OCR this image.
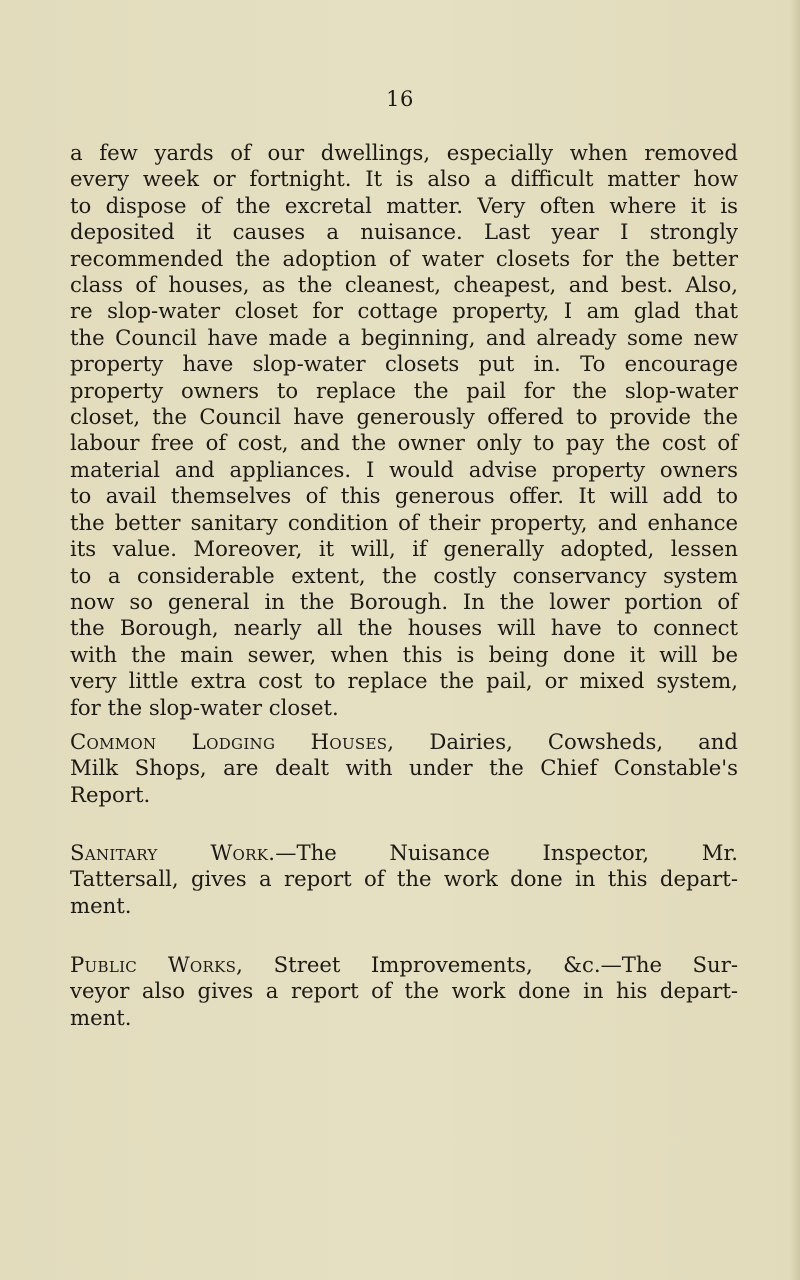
16
a few yards of our dwellings, especially when removed
every week or fortnight. It is also a difficult matter how
to dispose of the excretal matter. Very often where it is
deposited it causes a nuisance. Last year I strongly
recommended the adoption of water closets for the better
class of houses, as the cleanest, cheapest, and best. Also,
re slop-water closet for cottage property, I am glad that
the Council have made a beginning, and already some new
property have slop-water closets put in. To encourage
property owners to replace the pail for the slop-water
closet, the Council have generously offered to provide the
labour free of cost, and the owner only to pay the cost of
material and appliances. I would advise property owners
to avail themselves of this generous offer. It will add to
the better sanitary condition of their property, and enhance
its value. Moreover, it will, if generally adopted, lessen
to a considerable extent, the costly conservancy system
now so general in the Borough. In the lower portion of
the Borough, nearly all the houses will have to connect
with the main sewer, when this is being done it will be
very little extra cost to replace the pail, or mixed system,
for the slop-water closet.
Common Lodging Houses, Dairies, Cowsheds, and
Milk Shops, are dealt with under the Chief Constable's
Report.
Sanitary Work.—The Nuisance Inspector, Mr.
Tattersall, gives a report of the work done in this depart-
ment.
Public Works, Street Improvements, &c.—The Sur-
veyor also gives a report of the work done in his depart-
ment.
